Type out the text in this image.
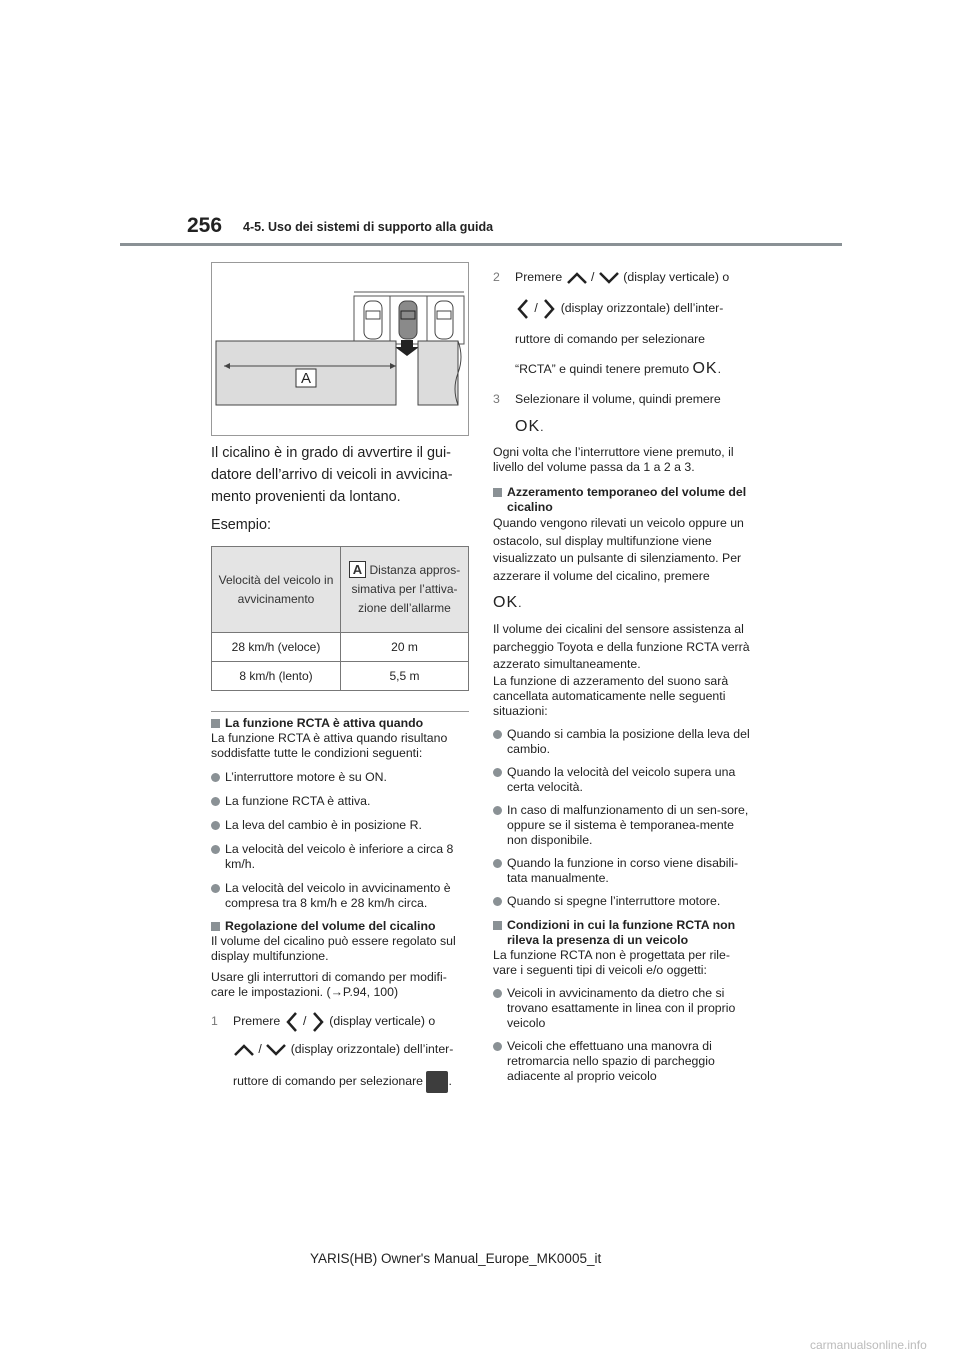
256 4-5. Uso dei sistemi di supporto alla guida
A

Il cicalino è in grado di avvertire il gui-datore dell’arrivo di veicoli in avvicina-mento provenienti da lontano.

Esempio:

Velocità del veicolo in avvicinamento	A Distanza appros-simativa per l’attiva-zione dell’allarme
28 km/h (veloce)	20 m
8 km/h (lento)	5,5 m

La funzione RCTA è attiva quando

La funzione RCTA è attiva quando risultano soddisfatte tutte le condizioni seguenti:

L’interruttore motore è su ON.

La funzione RCTA è attiva.

La leva del cambio è in posizione R.

La velocità del veicolo è inferiore a circa 8 km/h.

La velocità del veicolo in avvicinamento è compresa tra 8 km/h e 28 km/h circa.

Regolazione del volume del cicalino

Il volume del cicalino può essere regolato sul display multifunzione.

Usare gli interruttori di comando per modifi-care le impostazioni. (→P.94, 100)

1 Premere / (display verticale) o

/ (display orizzontale) dell’inter-

ruttore di comando per selezionare .

2 Premere / (display verticale) o

/ (display orizzontale) dell’inter-

ruttore di comando per selezionare

“RCTA” e quindi tenere premuto OK.

3 Selezionare il volume, quindi premere

OK.

Ogni volta che l’interruttore viene premuto, il livello del volume passa da 1 a 2 a 3.

Azzeramento temporaneo del volume del cicalino

Quando vengono rilevati un veicolo oppure un ostacolo, sul display multifunzione viene visualizzato un pulsante di silenziamento. Per azzerare il volume del cicalino, premere

OK.

Il volume dei cicalini del sensore assistenza al parcheggio Toyota e della funzione RCTA verrà azzerato simultaneamente.

La funzione di azzeramento del suono sarà cancellata automaticamente nelle seguenti situazioni:

Quando si cambia la posizione della leva del cambio.

Quando la velocità del veicolo supera una certa velocità.

In caso di malfunzionamento di un sen-sore, oppure se il sistema è temporanea-mente non disponibile.

Quando la funzione in corso viene disabili-tata manualmente.

Quando si spegne l’interruttore motore.

Condizioni in cui la funzione RCTA non rileva la presenza di un veicolo

La funzione RCTA non è progettata per rile-vare i seguenti tipi di veicoli e/o oggetti:

Veicoli in avvicinamento da dietro che si trovano esattamente in linea con il proprio veicolo

Veicoli che effettuano una manovra di retromarcia nello spazio di parcheggio adiacente al proprio veicolo

YARIS(HB) Owner's Manual_Europe_MK0005_it
carmanualsonline.info
